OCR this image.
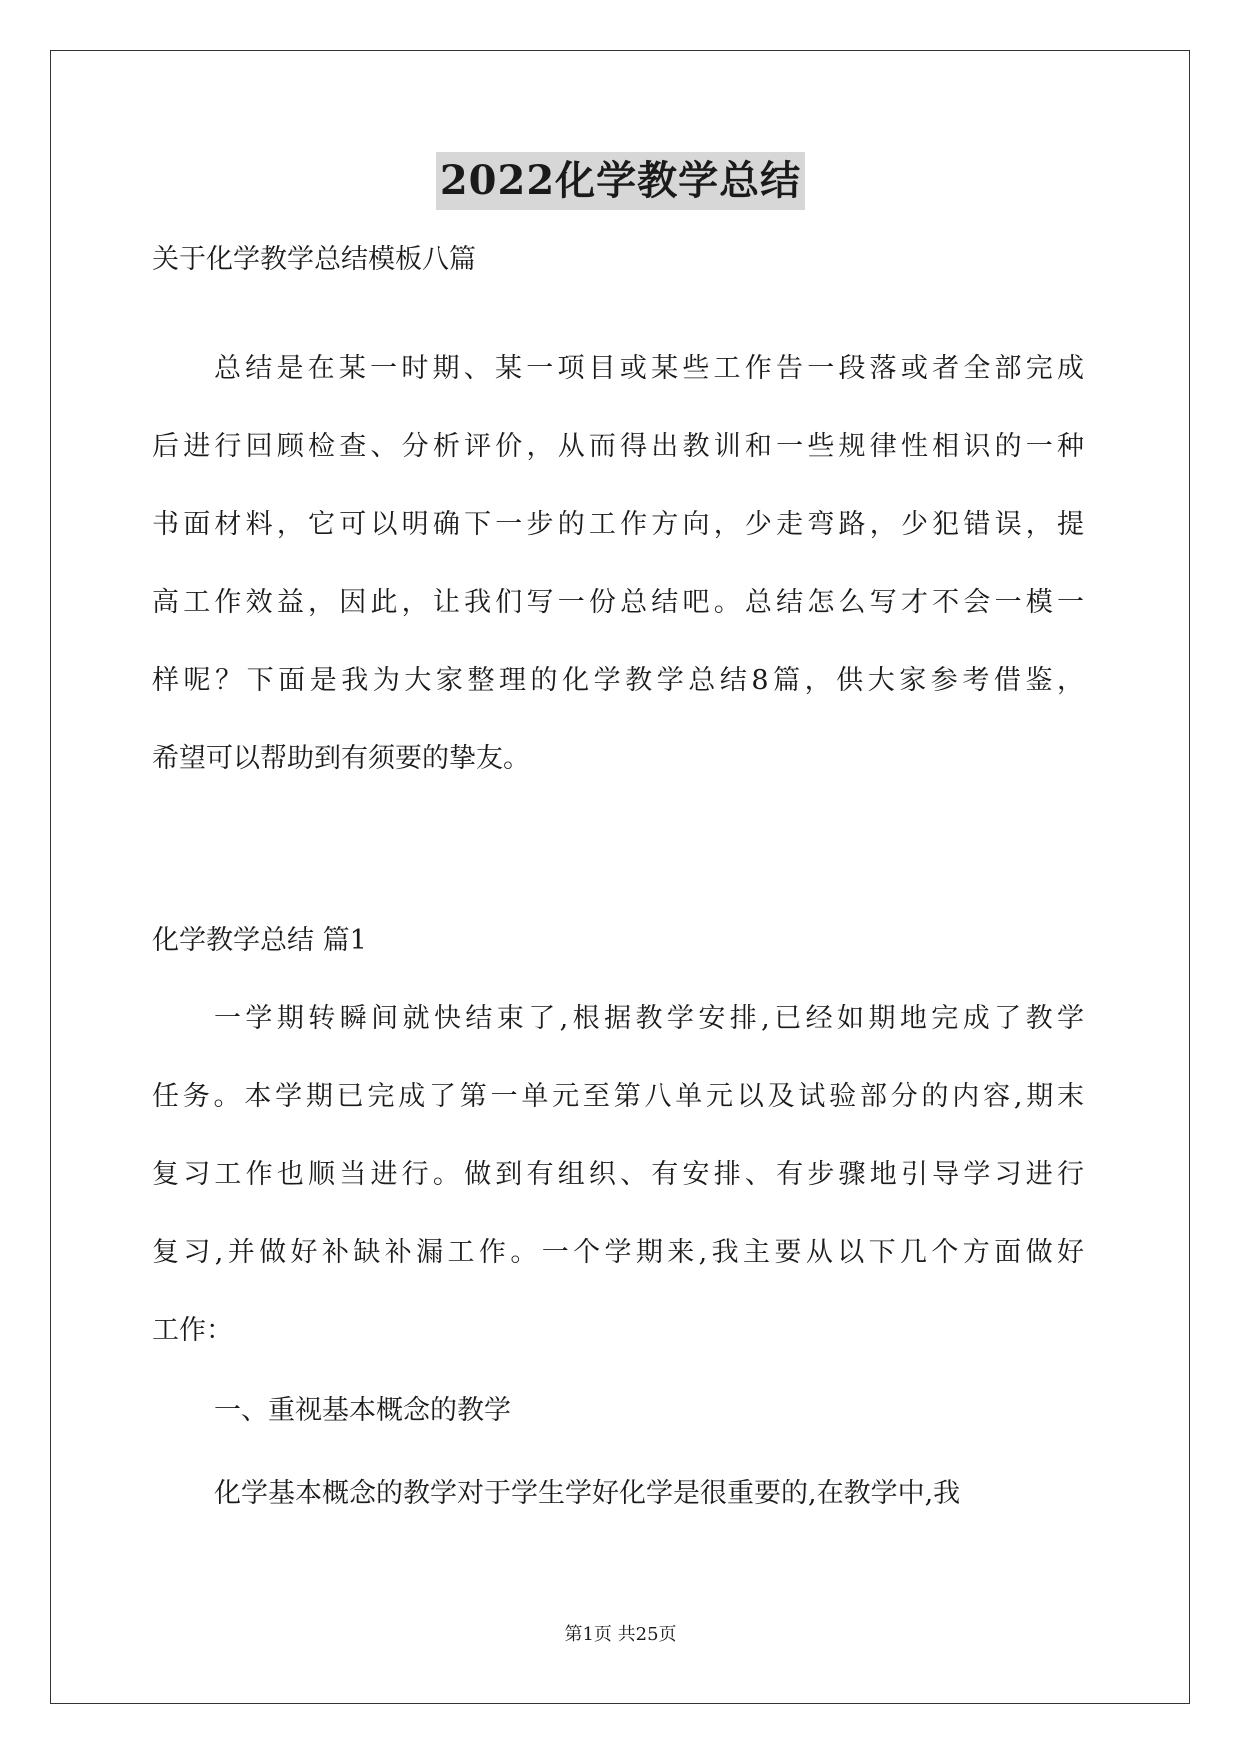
2022化学教学总结
关于化学教学总结模板八篇
总结是在某一时期、某一项目或某些工作告一段落或者全部完成
后进行回顾检查、分析评价，从而得出教训和一些规律性相识的一种
书面材料，它可以明确下一步的工作方向，少走弯路，少犯错误，提
高工作效益，因此，让我们写一份总结吧。总结怎么写才不会一模一
样呢？下面是我为大家整理的化学教学总结8篇，供大家参考借鉴，
希望可以帮助到有须要的挚友。
化学教学总结 篇1
一学期转瞬间就快结束了,根据教学安排,已经如期地完成了教学
任务。本学期已完成了第一单元至第八单元以及试验部分的内容,期末
复习工作也顺当进行。做到有组织、有安排、有步骤地引导学习进行
复习,并做好补缺补漏工作。一个学期来,我主要从以下几个方面做好
工作：
一、重视基本概念的教学
化学基本概念的教学对于学生学好化学是很重要的,在教学中,我
第1页 共25页
